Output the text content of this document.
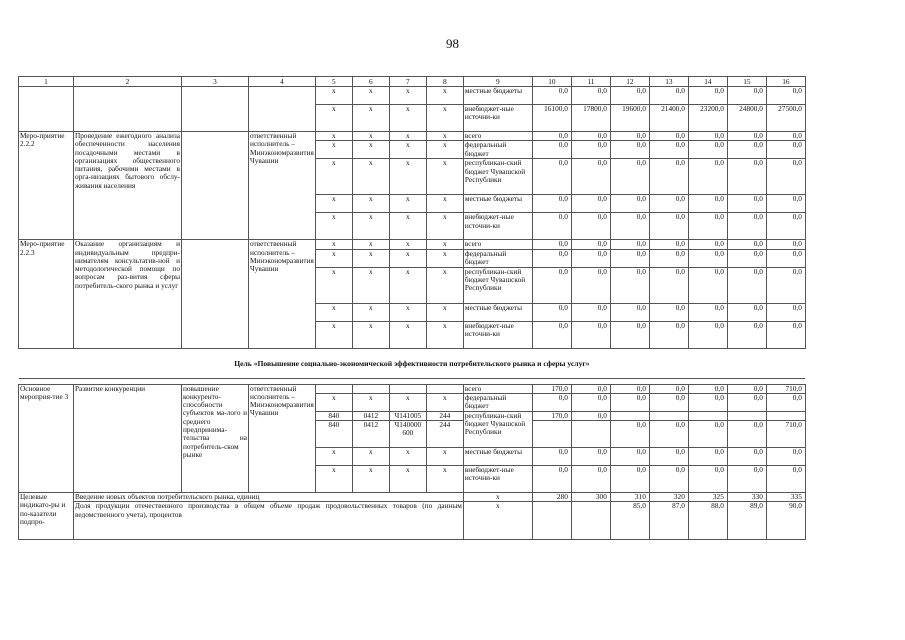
98
1	2	3	4	5	6	7	8	9	10	11	12	13	14	15	16
				х	х	х	х	местные бюджеты	0,0	0,0	0,0	0,0	0,0	0,0	0,0
				х	х	х	х	внебюджет-ные источни-ки	16100,0	17800,0	19600,0	21400,0	23200,0	24800,0	27500,0
Меро-приятие 2.2.2	Проведение ежегодного анализа обеспеченности населения посадочными местами в организациях общественного питания, рабочими местами в орга-низациях бытового обслу-живания населения		ответственный исполнитель – Минэкономразвития Чувашии	х	х	х	х	всего	0,0	0,0	0,0	0,0	0,0	0,0	0,0
				х	х	х	х	федеральный бюджет	0,0	0,0	0,0	0,0	0,0	0,0	0,0
				х	х	х	х	республикан-ский бюджет Чувашской Республики	0,0	0,0	0,0	0,0	0,0	0,0	0,0
				х	х	х	х	местные бюджеты	0,0	0,0	0,0	0,0	0,0	0,0	0,0
				х	х	х	х	внебюджет-ные источни-ки	0,0	0,0	0,0	0,0	0,0	0,0	0,0
Меро-приятие 2.2.3	Оказание организациям и индивидуальным предпри-нимателям консультатив-ной и методологической помощи по вопросам раз-вития сферы потребитель-ского рынка и услуг		ответственный исполнитель – Минэкономразвития Чувашии	х	х	х	х	всего	0,0	0,0	0,0	0,0	0,0	0,0	0,0
				х	х	х	х	федеральный бюджет	0,0	0,0	0,0	0,0	0,0	0,0	0,0
				х	х	х	х	республикан-ский бюджет Чувашской Республики	0,0	0,0	0,0	0,0	0,0	0,0	0,0
				х	х	х	х	местные бюджеты	0,0	0,0	0,0	0,0	0,0	0,0	0,0
				х	х	х	х	внебюджет-ные источни-ки	0,0	0,0	0,0	0,0	0,0	0,0	0,0
Цель «Повышение социально-экономической эффективности потребительского рынка и сферы услуг»															

Основное мероприя-тие 3	Развитие конкуренции	повышение конкуренто-способности субъектов ма-лого и среднего предпринима-тельства на потребитель-ском рынке	ответственный исполнитель – Минэкономразвития Чувашии					всего	170,0	0,0	0,0	0,0	0,0	0,0	710,0
				х	х	х	х	федеральный бюджет	0,0	0,0	0,0	0,0	0,0	0,0	0,0
				840	0412	Ч141005	244	республикан-ский бюджет Чувашской Республики	170,0	0,0					
				840	0412	Ч140000 600	244				0,0	0,0	0,0	0,0	710,0
				х	х	х	х	местные бюджеты	0,0	0,0	0,0	0,0	0,0	0,0	0,0
				х	х	х	х	внебюджет-ные источни-ки	0,0	0,0	0,0	0,0	0,0	0,0	0,0
Целевые индикато-ры и по-казатели подпро-	Введение новых объектов потребительского рынка, единиц							х	280	300	310	320	325	330	335
	Доля продукции отечественного производства в общем объеме продаж продовольственных товаров (по данным ведомственного учета), процентов							х			85,0	87,0	88,0	89,0	90,0
